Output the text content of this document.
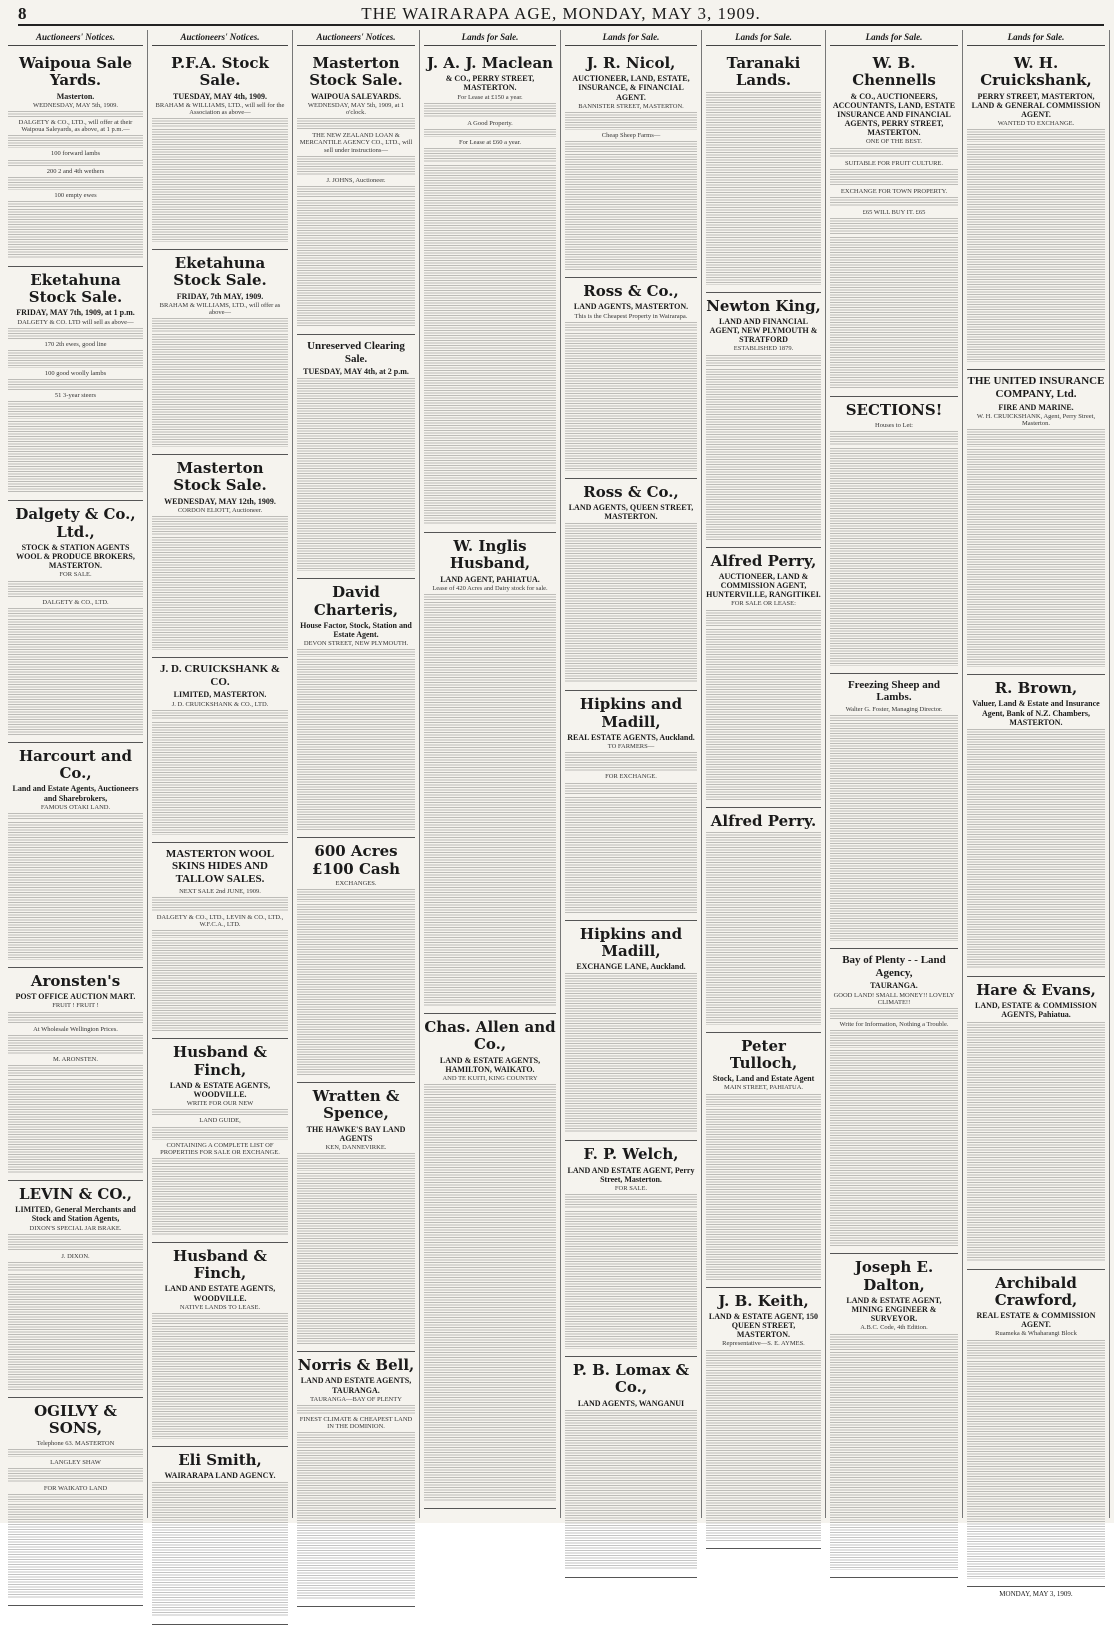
8	THE WAIRARAPA AGE, MONDAY, MAY 3, 1909.
Auctioneers' Notices.
Waipoua Sale Yards.
Masterton.

WEDNESDAY, MAY 5th, 1909.

DALGETY & CO., LTD., will offer at their Waipoua Saleyards, as above, at 1 p.m.—

100 forward lambs

200 2 and 4th wethers

100 empty ewes

Eketahuna Stock Sale.
FRIDAY, MAY 7th, 1909, at 1 p.m.

DALGETY & CO. LTD will sell as above—

170 2th ewes, good line

100 good woolly lambs

51 3-year steers

Dalgety & Co., Ltd.,
STOCK & STATION AGENTS WOOL & PRODUCE BROKERS, MASTERTON.

FOR SALE.

DALGETY & CO., LTD.

Harcourt and Co.,
Land and Estate Agents, Auctioneers and Sharebrokers,

FAMOUS OTAKI LAND.

Aronsten's
POST OFFICE AUCTION MART.

FRUIT ! FRUIT !

At Wholesale Wellington Prices.

M. ARONSTEN.

LEVIN & CO.,
LIMITED, General Merchants and Stock and Station Agents,

DIXON'S SPECIAL JAR BRAKE.

J. DIXON.

OGILVY & SONS,

Telephone 63. MASTERTON

LANGLEY SHAW

FOR WAIKATO LAND

Auctioneers' Notices.
P.F.A. Stock Sale.
TUESDAY, MAY 4th, 1909.

BRAHAM & WILLIAMS, LTD., will sell for the Association as above—

Eketahuna Stock Sale.
FRIDAY, 7th MAY, 1909.

BRAHAM & WILLIAMS, LTD., will offer as above—

Masterton Stock Sale.
WEDNESDAY, MAY 12th, 1909.

CORDON ELIOTT, Auctioneer.

J. D. CRUICKSHANK & CO.
LIMITED, MASTERTON.

J. D. CRUICKSHANK & CO., LTD.

MASTERTON WOOL SKINS HIDES AND TALLOW SALES.

NEXT SALE 2nd JUNE, 1909.

DALGETY & CO., LTD., LEVIN & CO., LTD., W.F.C.A., LTD.

Husband & Finch,
LAND & ESTATE AGENTS, WOODVILLE.

WRITE FOR OUR NEW

LAND GUIDE,

CONTAINING A COMPLETE LIST OF PROPERTIES FOR SALE OR EXCHANGE.

Husband & Finch,
LAND AND ESTATE AGENTS, WOODVILLE.

NATIVE LANDS TO LEASE.

Eli Smith,
WAIRARAPA LAND AGENCY.
Auctioneers' Notices.
Masterton Stock Sale.
WAIPOUA SALEYARDS.

WEDNESDAY, MAY 5th, 1909, at 1 o'clock.

THE NEW ZEALAND LOAN & MERCANTILE AGENCY CO., LTD., will sell under instructions—

J. JOHNS, Auctioneer.

Unreserved Clearing Sale.
TUESDAY, MAY 4th, at 2 p.m.
David Charteris,
House Factor, Stock, Station and Estate Agent.

DEVON STREET, NEW PLYMOUTH.

600 Acres £100 Cash

EXCHANGES.

Wratten & Spence,
THE HAWKE'S BAY LAND AGENTS

KEN, DANNEVIRKE.

Norris & Bell,
LAND AND ESTATE AGENTS, TAURANGA.

TAURANGA—BAY OF PLENTY

FINEST CLIMATE & CHEAPEST LAND IN THE DOMINION.

Lands for Sale.
J. A. J. Maclean
& CO., PERRY STREET, MASTERTON.

For Lease at £150 a year.

A Good Property.

For Lease at £60 a year.

W. Inglis Husband,
LAND AGENT, PAHIATUA.

Lease of 420 Acres and Dairy stock for sale.

Chas. Allen and Co.,
LAND & ESTATE AGENTS, HAMILTON, WAIKATO.

AND TE KUITI, KING COUNTRY

Lands for Sale.
J. R. Nicol,
AUCTIONEER, LAND, ESTATE, INSURANCE, & FINANCIAL AGENT.

BANNISTER STREET, MASTERTON.

Cheap Sheep Farms—

Ross & Co.,
LAND AGENTS, MASTERTON.

This is the Cheapest Property in Wairarapa.

Ross & Co.,
LAND AGENTS, QUEEN STREET, MASTERTON.
Hipkins and Madill,
REAL ESTATE AGENTS, Auckland.

TO FARMERS—

FOR EXCHANGE.

Hipkins and Madill,
EXCHANGE LANE, Auckland.
F. P. Welch,
LAND AND ESTATE AGENT, Perry Street, Masterton.

FOR SALE.

P. B. Lomax & Co.,
LAND AGENTS, WANGANUI
Lands for Sale.
Taranaki Lands.
Newton King,
LAND AND FINANCIAL AGENT, NEW PLYMOUTH & STRATFORD

ESTABLISHED 1879.

Alfred Perry,
AUCTIONEER, LAND & COMMISSION AGENT, HUNTERVILLE, RANGITIKEI.

FOR SALE OR LEASE:

Alfred Perry.
Peter Tulloch,
Stock, Land and Estate Agent

MAIN STREET, PAHIATUA.

J. B. Keith,
LAND & ESTATE AGENT, 150 QUEEN STREET, MASTERTON.

Representative—S. E. AYMES.

Lands for Sale.
W. B. Chennells
& CO., AUCTIONEERS, ACCOUNTANTS, LAND, ESTATE INSURANCE AND FINANCIAL AGENTS, PERRY STREET, MASTERTON.

ONE OF THE BEST.

SUITABLE FOR FRUIT CULTURE.

EXCHANGE FOR TOWN PROPERTY.

£65 WILL BUY IT. £65

SECTIONS!

Houses to Let:

Freezing Sheep and Lambs.

Walter G. Foster, Managing Director.

Bay of Plenty - - Land Agency,
TAURANGA.

GOOD LAND! SMALL MONEY!! LOVELY CLIMATE!!

Write for Information, Nothing a Trouble.

Joseph E. Dalton,
LAND & ESTATE AGENT, MINING ENGINEER & SURVEYOR.

A.B.C. Code, 4th Edition.

Lands for Sale.
W. H. Cruickshank,
PERRY STREET, MASTERTON, LAND & GENERAL COMMISSION AGENT.

WANTED TO EXCHANGE.

THE UNITED INSURANCE COMPANY, Ltd.
FIRE AND MARINE.

W. H. CRUICKSHANK, Agent, Perry Street, Masterton.

R. Brown,
Valuer, Land & Estate and Insurance Agent, Bank of N.Z. Chambers, MASTERTON.
Hare & Evans,
LAND, ESTATE & COMMISSION AGENTS, Pahiatua.
Archibald Crawford,
REAL ESTATE & COMMISSION AGENT.

Ruameka & Whaharangi Block

MONDAY, MAY 3, 1909.
